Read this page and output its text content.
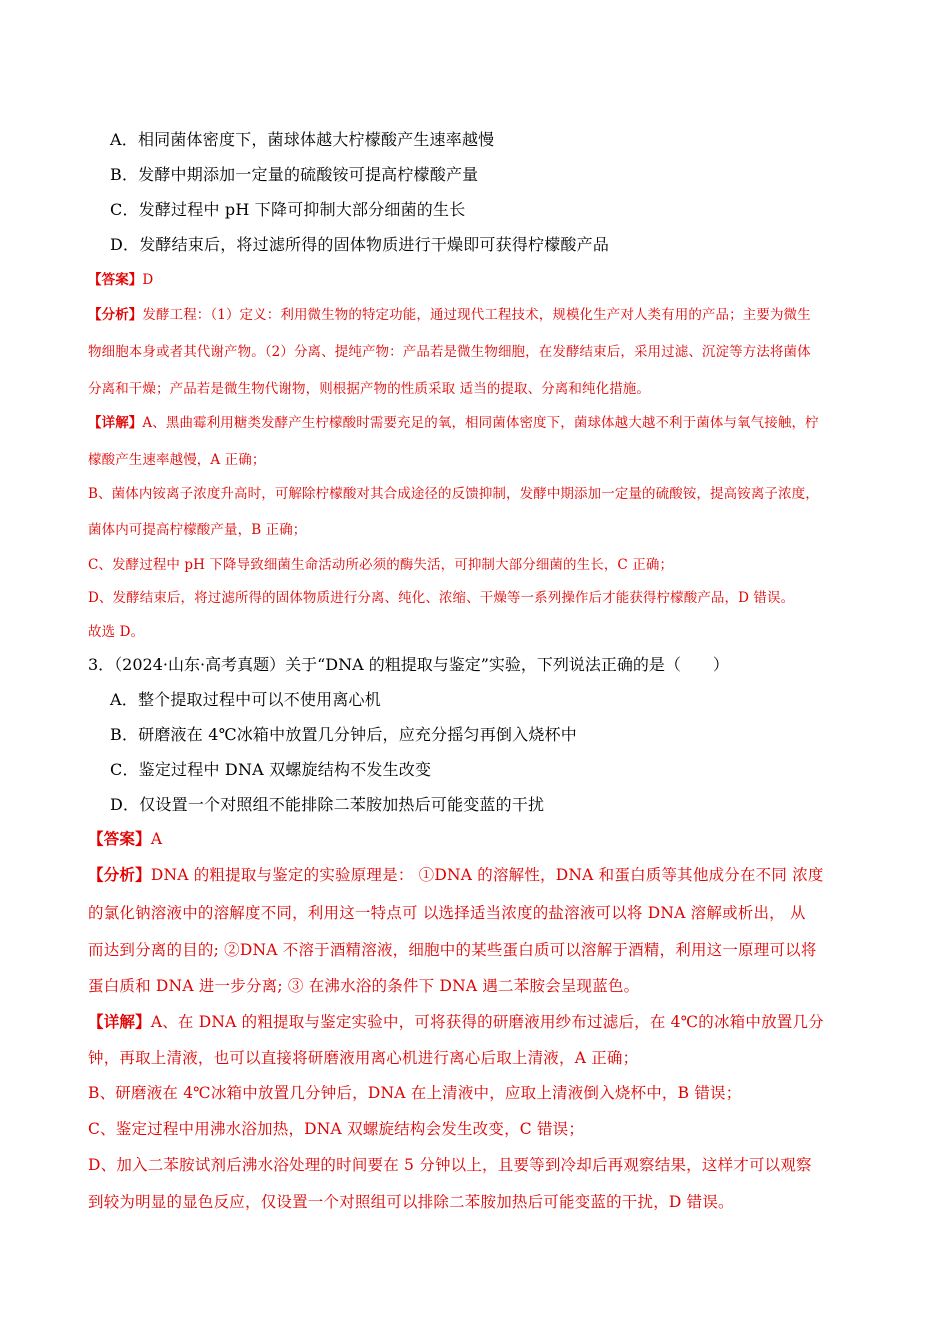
A．相同菌体密度下，菌球体越大柠檬酸产生速率越慢
B．发酵中期添加一定量的硫酸铵可提高柠檬酸产量
C．发酵过程中 pH 下降可抑制大部分细菌的生长
D．发酵结束后，将过滤所得的固体物质进行干燥即可获得柠檬酸产品
【答案】D
【分析】发酵工程：（1）定义：利用微生物的特定功能，通过现代工程技术，规模化生产对人类有用的产品；主要为微生
物细胞本身或者其代谢产物。（2）分离、提纯产物：产品若是微生物细胞，在发酵结束后，采用过滤、沉淀等方法将菌体
分离和干燥；产品若是微生物代谢物，则根据产物的性质采取 适当的提取、分离和纯化措施。
【详解】A、黑曲霉利用糖类发酵产生柠檬酸时需要充足的氧，相同菌体密度下，菌球体越大越不利于菌体与氧气接触，柠
檬酸产生速率越慢，A 正确；
B、菌体内铵离子浓度升高时，可解除柠檬酸对其合成途径的反馈抑制，发酵中期添加一定量的硫酸铵，提高铵离子浓度，
菌体内可提高柠檬酸产量，B 正确；
C、发酵过程中 pH 下降导致细菌生命活动所必须的酶失活，可抑制大部分细菌的生长，C 正确；
D、发酵结束后，将过滤所得的固体物质进行分离、纯化、浓缩、干燥等一系列操作后才能获得柠檬酸产品，D 错误。
故选 D。
3．（2024·山东·高考真题）关于“DNA 的粗提取与鉴定”实验，下列说法正确的是（　　）
A．整个提取过程中可以不使用离心机
B．研磨液在 4℃冰箱中放置几分钟后，应充分摇匀再倒入烧杯中
C．鉴定过程中 DNA 双螺旋结构不发生改变
D．仅设置一个对照组不能排除二苯胺加热后可能变蓝的干扰
【答案】A
【分析】DNA 的粗提取与鉴定的实验原理是： ①DNA 的溶解性，DNA 和蛋白质等其他成分在不同 浓度
的氯化钠溶液中的溶解度不同，利用这一特点可 以选择适当浓度的盐溶液可以将 DNA 溶解或析出， 从
而达到分离的目的; ②DNA 不溶于酒精溶液，细胞中的某些蛋白质可以溶解于酒精，利用这一原理可以将
蛋白质和 DNA 进一步分离; ③ 在沸水浴的条件下 DNA 遇二苯胺会呈现蓝色。
【详解】A、在 DNA 的粗提取与鉴定实验中，可将获得的研磨液用纱布过滤后，在 4℃的冰箱中放置几分
钟，再取上清液，也可以直接将研磨液用离心机进行离心后取上清液，A 正确；
B、研磨液在 4℃冰箱中放置几分钟后，DNA 在上清液中，应取上清液倒入烧杯中，B 错误；
C、鉴定过程中用沸水浴加热，DNA 双螺旋结构会发生改变，C 错误；
D、加入二苯胺试剂后沸水浴处理的时间要在 5 分钟以上，且要等到冷却后再观察结果，这样才可以观察
到较为明显的显色反应，仅设置一个对照组可以排除二苯胺加热后可能变蓝的干扰，D 错误。
